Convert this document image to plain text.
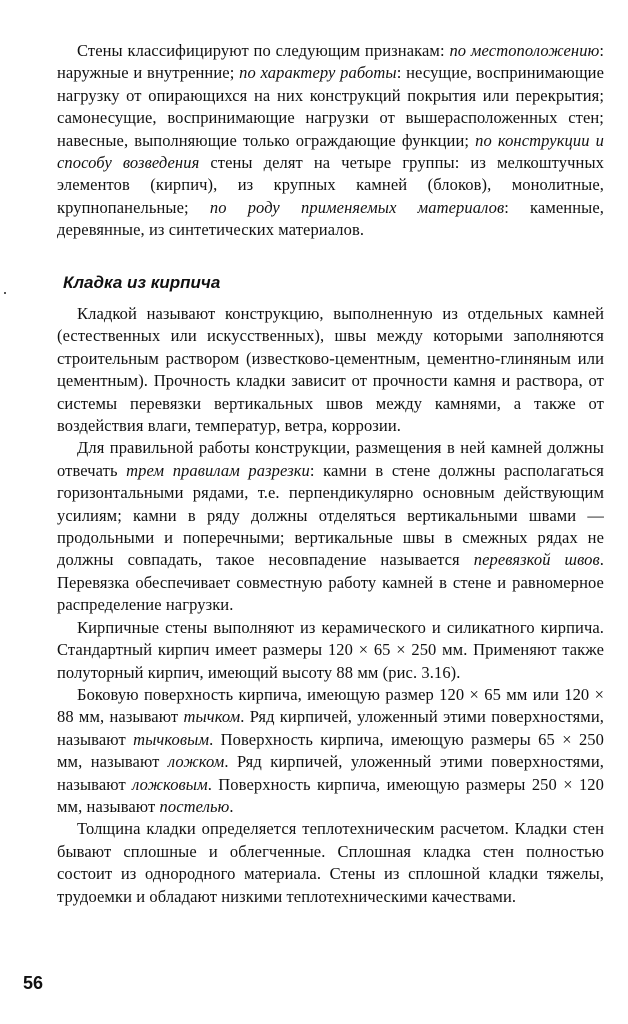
Стены классифицируют по следующим признакам: по местоположению: наружные и внутренние; по характеру работы: несущие, воспринимающие нагрузку от опирающихся на них конструкций покрытия или перекрытия; самонесущие, воспринимающие нагрузки от вышерасположенных стен; навесные, выполняющие только ограждающие функции; по конструкции и способу возведения стены делят на четыре группы: из мелкоштучных элементов (кирпич), из крупных камней (блоков), монолитные, крупнопанельные; по роду применяемых материалов: каменные, деревянные, из синтетических материалов.

Кладка из кирпича

Кладкой называют конструкцию, выполненную из отдельных камней (естественных или искусственных), швы между которыми заполняются строительным раствором (известково-цементным, цементно-глиняным или цементным). Прочность кладки зависит от прочности камня и раствора, от системы перевязки вертикальных швов между камнями, а также от воздействия влаги, температур, ветра, коррозии.

Для правильной работы конструкции, размещения в ней камней должны отвечать трем правилам разрезки: камни в стене должны располагаться горизонтальными рядами, т.е. перпендикулярно основным действующим усилиям; камни в ряду должны отделяться вертикальными швами — продольными и поперечными; вертикальные швы в смежных рядах не должны совпадать, такое несовпадение называется перевязкой швов. Перевязка обеспечивает совместную работу камней в стене и равномерное распределение нагрузки.

Кирпичные стены выполняют из керамического и силикатного кирпича. Стандартный кирпич имеет размеры 120 × 65 × 250 мм. Применяют также полуторный кирпич, имеющий высоту 88 мм (рис. 3.16).

Боковую поверхность кирпича, имеющую размер 120 × 65 мм или 120 × 88 мм, называют тычком. Ряд кирпичей, уложенный этими поверхностями, называют тычковым. Поверхность кирпича, имеющую размеры 65 × 250 мм, называют ложком. Ряд кирпичей, уложенный этими поверхностями, называют ложковым. Поверхность кирпича, имеющую размеры 250 × 120 мм, называют постелью.

Толщина кладки определяется теплотехническим расчетом. Кладки стен бывают сплошные и облегченные. Сплошная кладка стен полностью состоит из однородного материала. Стены из сплошной кладки тяжелы, трудоемки и обладают низкими теплотехническими качествами.

56
